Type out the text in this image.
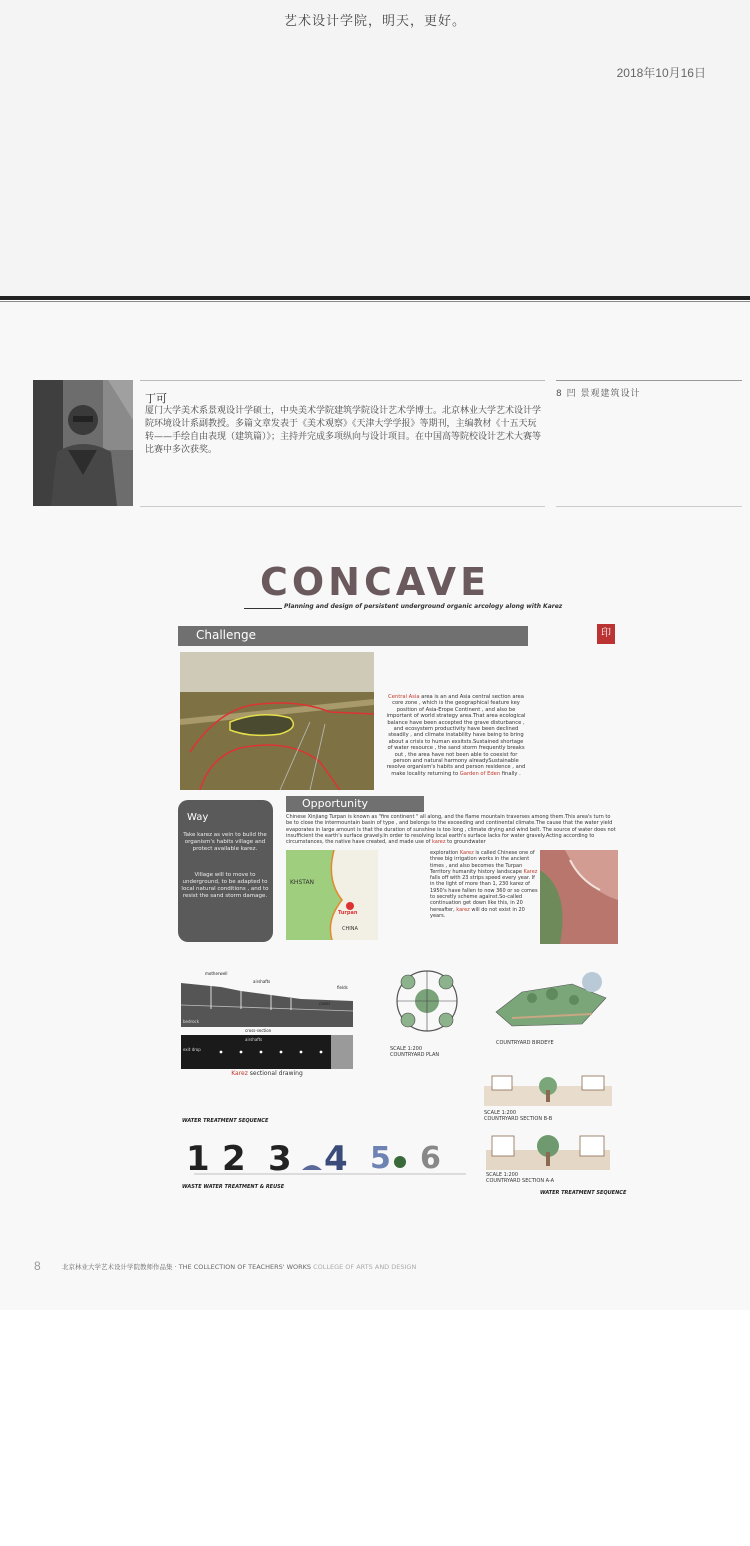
艺术设计学院，明天，更好。
2018年10月16日
丁可
厦门大学美术系景观设计学硕士，中央美术学院建筑学院设计艺术学博士。北京林业大学艺术设计学院环境设计系副教授。多篇文章发表于《美术观察》《天津大学学报》等期刊，主编教材《十五天玩转——手绘自由表现（建筑篇）》；主持并完成多项纵向与设计项目。在中国高等院校设计艺术大赛等比赛中多次获奖。
8 凹 景观建筑设计
CONCAVE
Planning and design of persistent underground organic arcology along with Karez
Challenge	印
Central Asia area is an and Asia central section area core zone , which is the geographical feature key position of Asia-Erope Continent , and also be important of world strategy area.That area ecological balance have been accepted the grave disturbance , and ecosystem productivity have been declined steadily , and climate instability have being to bring about a crisis to human exsitsts.Sustained shortage of water resource , the sand storm frequently breaks out , the area have not been able to coexist for person and natural harmony alreadySustainable resolve organism's habits and person residence , and make locality returning to Garden of Eden finally .
Way
Take karez as vein to build the organism's habits village and protect available karez.
Village will to move to underground, to be adapted to local natural conditions , and to resist the sand storm damage.
Opportunity
Chinese Xinjiang Turpan is known as "fire continent " all along, and the flame mountain traverses among them.This area's turn to be to close the intermountain basin of type , and belongs to the exceeding and continental climate.The cause that the water yield evaporates in large amount is that the duration of sunshine is too long , climate drying and wind belt. The source of water does not insufficient the earth's surface gravely.In order to resolving local earth's surface lacks for water gravely.Acting according to circumstances, the native have created, and made use of karez to groundwater
KHSTAN
Turpan
CHINA
exploration Karez is called Chinese one of three big irrigation works in the ancient times , and also becomes the Turpan Territory humanity history landscape Karez falls off with 23 strips speed every year. If in the light of more than 1, 230 karez of 1950's have fallen to now 360 or so comes to secretly scheme against.So-called continuation get down like this, in 20 hereafter, karez will do not exist in 20 years.
motherwell
airshafts
fields
canal
bedrock
cross-section
airshafts
exit drop
Karez sectional drawing
SCALE 1:200
COUNTRYARD PLAN
COUNTRYARD BIRDEYE
SCALE 1:200
COUNTRYARD SECTION B-B
SCALE 1:200
COUNTRYARD SECTION A-A
WATER TREATMENT SEQUENCE
1 2 3 4 5 6
WASTE WATER TREATMENT & REUSE
WATER TREATMENT SEQUENCE
8	北京林业大学艺术设计学院教师作品集 · THE COLLECTION OF TEACHERS' WORKS COLLEGE OF ARTS AND DESIGN
